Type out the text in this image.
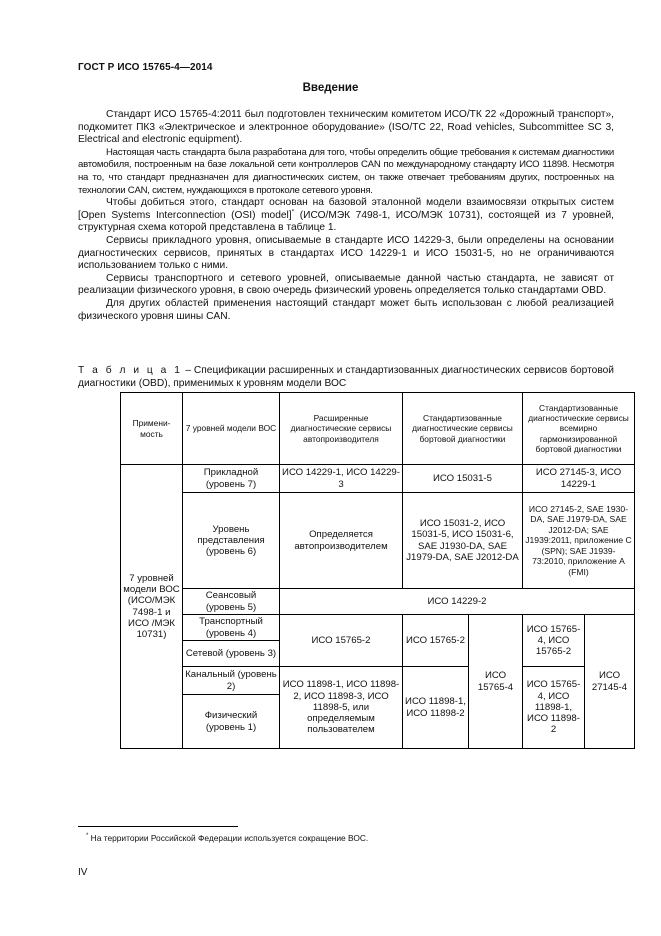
ГОСТ Р ИСО 15765-4—2014
Введение

Стандарт ИСО 15765-4:2011 был подготовлен техническим комитетом ИСО/ТК 22 «Дорожный транспорт», подкомитет ПК3 «Электрическое и электронное оборудование» (ISO/TC 22, Road vehicles, Subcommittee SC 3, Electrical and electronic equipment).

Настоящая часть стандарта была разработана для того, чтобы определить общие требования к системам диагностики автомобиля, построенным на базе локальной сети контроллеров CAN по международному стандарту ИСО 11898. Несмотря на то, что стандарт предназначен для диагностических систем, он также отвечает требованиям других, построенных на технологии CAN, систем, нуждающихся в протоколе сетевого уровня.

Чтобы добиться этого, стандарт основан на базовой эталонной модели взаимосвязи открытых систем [Open Systems Interconnection (OSI) model]* (ИСО/МЭК 7498-1, ИСО/МЭК 10731), состоящей из 7 уровней, структурная схема которой представлена в таблице 1.

Сервисы прикладного уровня, описываемые в стандарте ИСО 14229-3, были определены на основании диагностических сервисов, принятых в стандартах ИСО 14229-1 и ИСО 15031-5, но не ограничиваются использованием только с ними.

Сервисы транспортного и сетевого уровней, описываемые данной частью стандарта, не зависят от реализации физического уровня, в свою очередь физический уровень определяется только стандартами OBD.

Для других областей применения настоящий стандарт может быть использован с любой реализацией физического уровня шины CAN.

Т а б л и ц а 1 – Спецификации расширенных и стандартизованных диагностических сервисов бортовой диагностики (OBD), применимых к уровням модели ВОС
Примени-мость	7 уровней модели ВОС	Расширенные диагностические сервисы автопроизводителя	Стандартизованные диагностические сервисы бортовой диагностики		Стандартизованные диагностические сервисы всемирно гармонизированной бортовой диагностики	
7 уровней модели ВОС (ИСО/МЭК 7498-1 и ИСО /МЭК 10731)	Прикладной (уровень 7)	ИСО 14229-1, ИСО 14229-3	ИСО 15031-5		ИСО 27145-3, ИСО 14229-1	
	Уровень представления (уровень 6)	Определяется автопроизводителем	ИСО 15031-2, ИСО 15031-5, ИСО 15031-6, SAE J1930-DA, SAE J1979-DA, SAE J2012-DA		ИСО 27145-2, SAE 1930-DA, SAE J1979-DA, SAE J2012-DA; SAE J1939:2011, приложение С (SPN); SAE J1939-73:2010, приложение А (FMI)	
	Сеансовый (уровень 5)	ИСО 14229-2				
	Транспортный (уровень 4)	ИСО 15765-2	ИСО 15765-2	ИСО 15765-4	ИСО 15765-4, ИСО 15765-2	ИСО 27145-4
	Сетевой (уровень 3)					
	Канальный (уровень 2)	ИСО 11898-1, ИСО 11898-2, ИСО 11898-3, ИСО 11898-5, или определяемым пользователем	ИСО 11898-1, ИСО 11898-2		ИСО 15765-4, ИСО 11898-1, ИСО 11898-2	
	Физический (уровень 1)					
* На территории Российской Федерации используется сокращение ВОС.
IV
